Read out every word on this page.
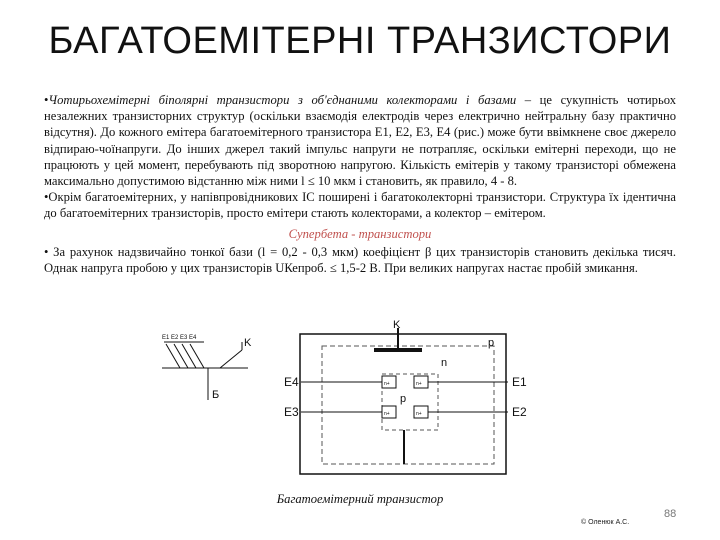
БАГАТОЕМІТЕРНІ ТРАНЗИСТОРИ

•Чотирьохемітерні біполярні транзистори з об'єднаними колекторами і базами – це сукупність чотирьох незалежних транзисторних структур (оскільки взаємодія електродів через електрично нейтральну базу практично відсутня). До кожного емітера багатоемітерного транзистора Е1, Е2, Е3, Е4 (рис.) може бути ввімкнене своє джерело відпираю-чоїнапруги. До інших джерел такий імпульс напруги не потрапляє, оскільки емітерні переходи, що не працюють у цей момент, перебувають під зворотною напругою. Кількість емітерів у такому транзисторі обмежена максимально допустимою відстанню між ними l ≤ 10 мкм і становить, як правило, 4 - 8.

•Окрім багатоемітерних, у напівпровідникових ІС поширені і багатоколекторні транзистори. Структура їх ідентична до багатоемітерних транзисторів, просто емітери стають колекторами, а колектор – емітером.

Супербета - транзистори

• За рахунок надзвичайно тонкої бази (l = 0,2 - 0,3 мкм) коефіцієнт β цих транзисторів становить декілька тисяч. Однак напруга пробою у цих транзисторів UКепроб. ≤ 1,5-2 В. При великих напругах настає пробій змикання.

E1 E2 E3 E4	K
Б
n+	n+
n+	n+
K
p
n
p
E4
E3
E1
E2
Багатоемітерний транзистор
© Оленюк А.С.
88
